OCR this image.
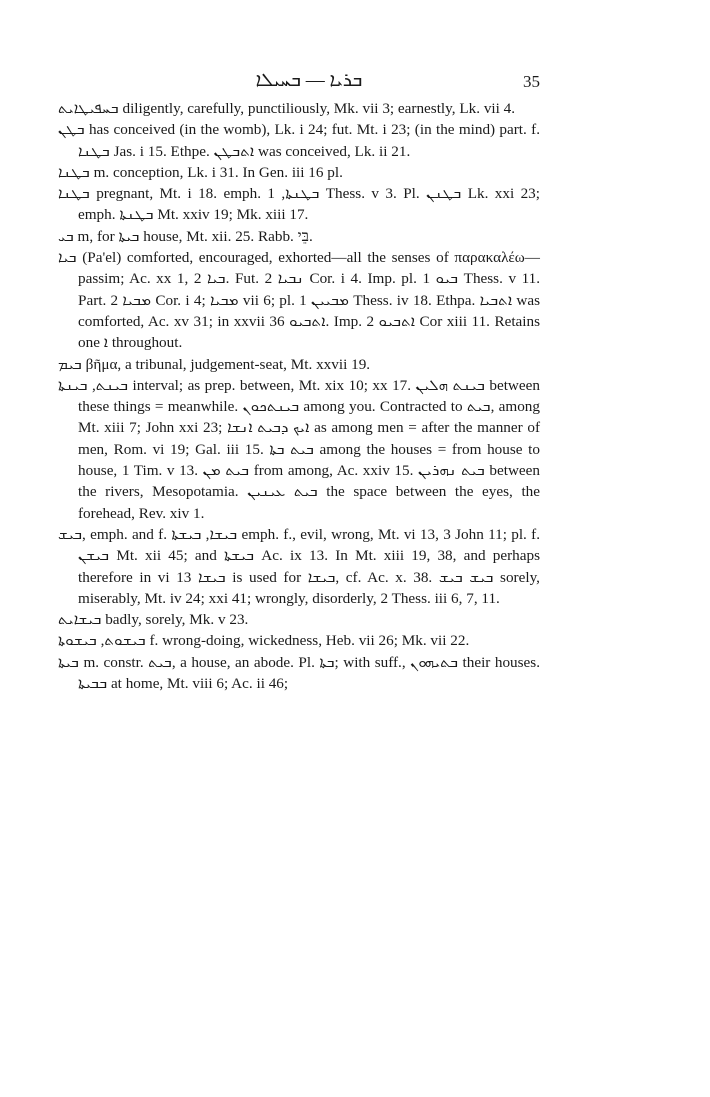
ܒܪܝܐ — ܒܚܝܠܐ	35

ܒܚܦܝܛܐܝܬ diligently, carefully, punctiliously, Mk. vii 3; earnestly, Lk. vii 4.

ܒܛܢ has conceived (in the womb), Lk. i 24; fut. Mt. i 23; (in the mind) part. f. ܒܛܢܐ Jas. i 15. Ethpe. ܐܬܒܛܢ was conceived, Lk. ii 21.

ܒܛܢܐ m. conception, Lk. i 31. In Gen. iii 16 pl.

ܒܛܢܐ pregnant, Mt. i 18. emph. ܒܛܢܬܐ, 1 Thess. v 3. Pl. ܒܛܢܢ Lk. xxi 23; emph. ܒܛܢܬܐ Mt. xxiv 19; Mk. xiii 17.

ܒܝ m, for ܒܝܬܐ house, Mt. xii. 25. Rabb. בֵּי.

ܒܝܐ (Pa'el) comforted, encouraged, exhorted—all the senses of παρακαλέω—passim; Ac. xx 1, 2 ܒܝܐ. Fut. ܢܒܝܐ 2 Cor. i 4. Imp. pl. ܒܝܘ 1 Thess. v 11. Part. ܡܒܝܐ 2 Cor. i 4; ܡܒܝܐ vii 6; pl. ܡܒܝܝܢ 1 Thess. iv 18. Ethpa. ܐܬܒܝܐ was comforted, Ac. xv 31; in xxvii 36 ܐܬܒܝܘ. Imp. ܐܬܒܝܘ 2 Cor xiii 11. Retains one ܐ throughout.

ܒܝܡ βῆμα, a tribunal, judgement-seat, Mt. xxvii 19.

ܒܝܢܬ, ܒܝܢܬܐ interval; as prep. between, Mt. xix 10; xx 17. ܒܝܢܬ ܗܠܝܢ between these things = meanwhile. ܒܝܢܬܟܘܢ among you. Contracted to ܒܝܬ, among Mt. xiii 7; John xxi 23; ܐܝܟ ܕܒܝܬ ܐܢܫܐ as among men = after the manner of men, Rom. vi 19; Gal. iii 15. ܒܝܬ ܒܬܐ among the houses = from house to house, 1 Tim. v 13. ܒܝܬ ܡܢ from among, Ac. xxiv 15. ܒܝܬ ܢܗܪܝܢ between the rivers, Mesopotamia. ܒܝܬ ܥܝܢܝܢ the space between the eyes, the forehead, Rev. xiv 1.

ܒܝܫ, emph. and f. ܒܝܫܐ, ܒܝܫܬܐ emph. f., evil, wrong, Mt. vi 13, 3 John 11; pl. f. ܒܝܫܢ Mt. xii 45; and ܒܝܫܬܐ Ac. ix 13. In Mt. xiii 19, 38, and perhaps therefore in vi 13 ܒܝܫܐ is used for ܒܝܫܐ, cf. Ac. x. 38. ܒܝܫ ܒܝܫ sorely, miserably, Mt. iv 24; xxi 41; wrongly, disorderly, 2 Thess. iii 6, 7, 11.

ܒܝܫܐܝܬ badly, sorely, Mk. v 23.

ܒܝܫܘܬ, ܒܝܫܘܬܐ f. wrong-doing, wickedness, Heb. vii 26; Mk. vii 22.

ܒܝܬܐ m. constr. ܒܝܬ, a house, an abode. Pl. ܒܬܐ; with suff., ܒܬܝܗܘܢ their houses. ܒܒܝܬܐ at home, Mt. viii 6; Ac. ii 46;
